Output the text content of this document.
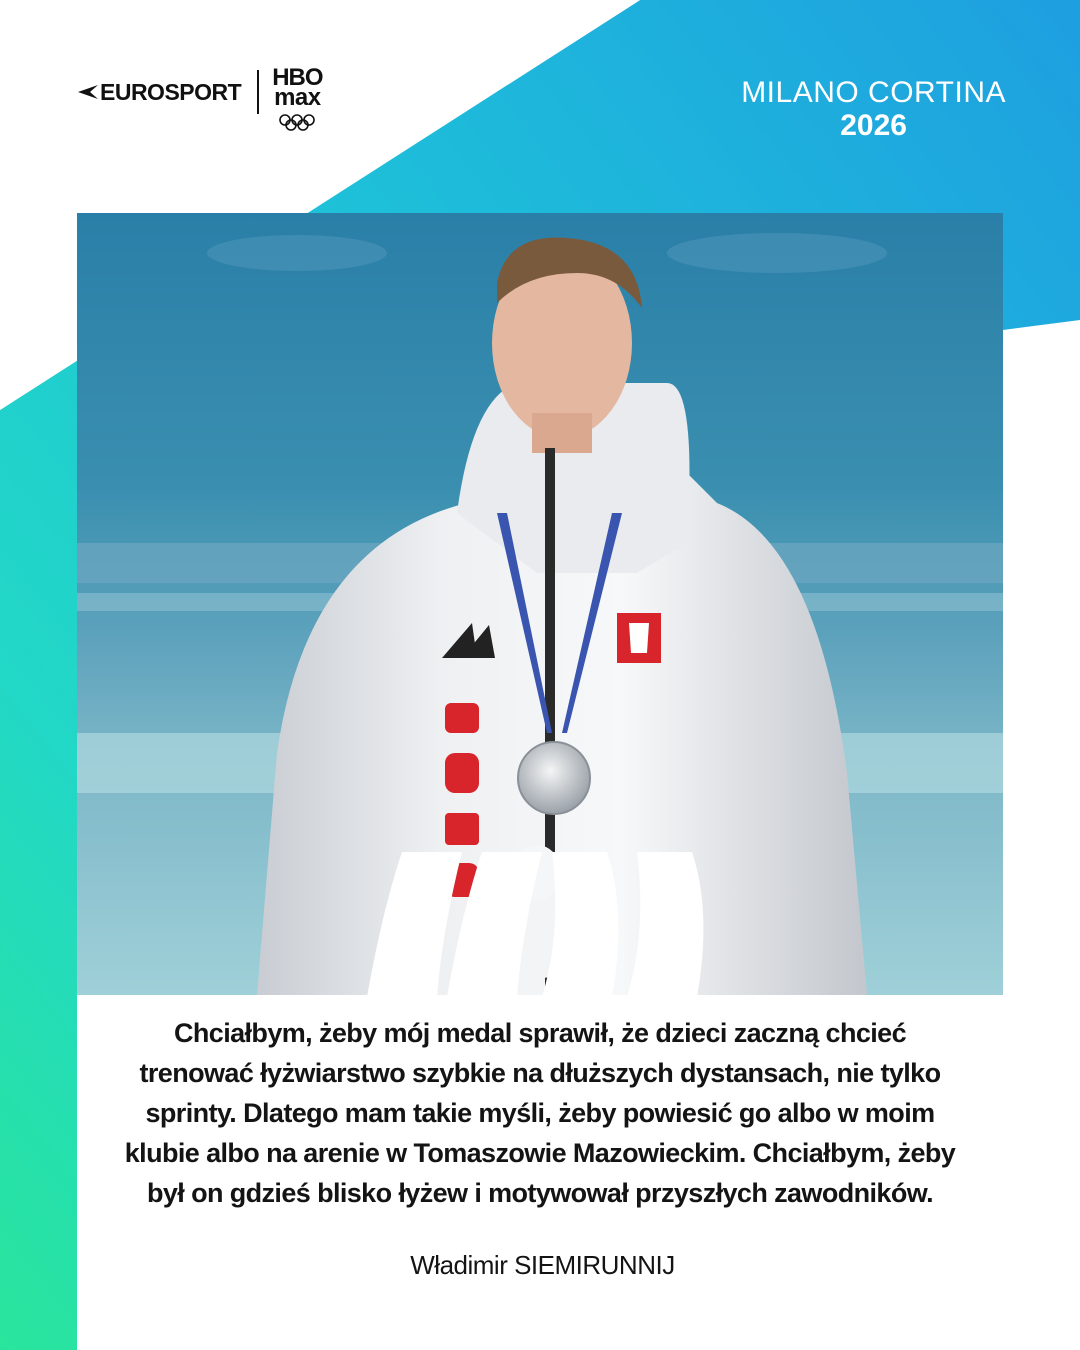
EUROSPORT
HBO
max	MILANO CORTINA
2026
Chciałbym, żeby mój medal sprawił, że dzieci zaczną chcieć
trenować łyżwiarstwo szybkie na dłuższych dystansach, nie tylko
sprinty. Dlatego mam takie myśli, żeby powiesić go albo w moim
klubie albo na arenie w Tomaszowie Mazowieckim. Chciałbym, żeby
był on gdzieś blisko łyżew i motywował przyszłych zawodników.
Władimir SIEMIRUNNIJ
